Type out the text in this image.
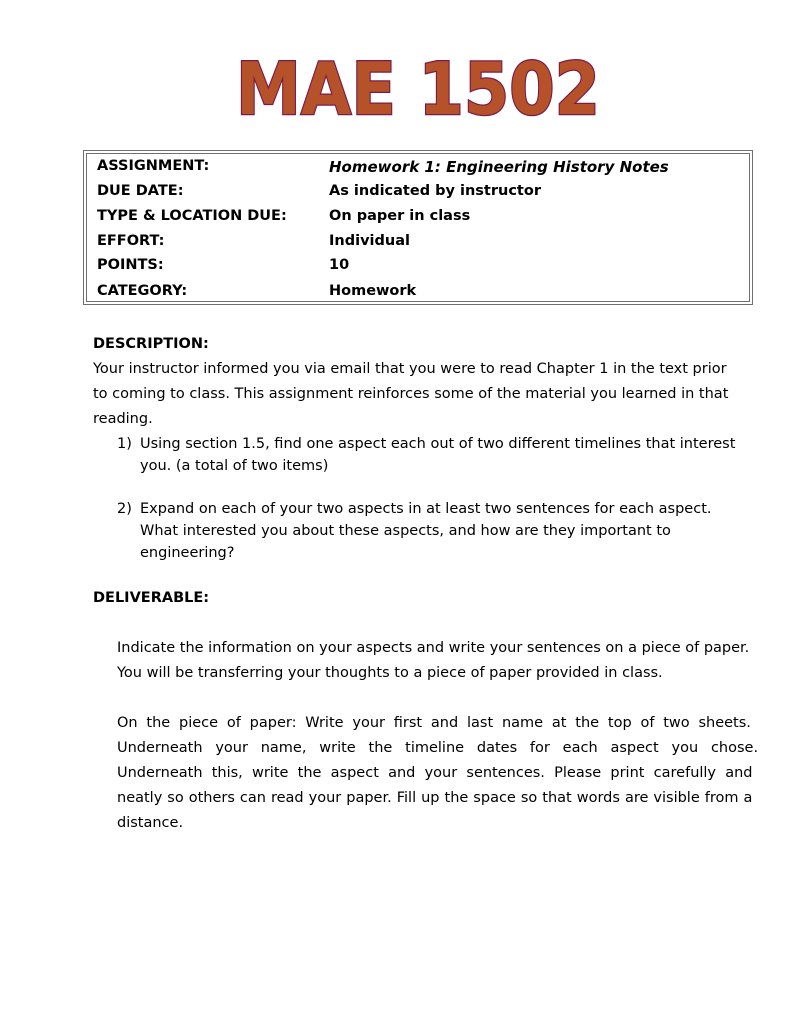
MAE 1502
ASSIGNMENT:	Homework 1: Engineering History Notes
DUE DATE:	As indicated by instructor
TYPE & LOCATION DUE:	On paper in class
EFFORT:	Individual
POINTS:	10
CATEGORY:	Homework
DESCRIPTION:
Your instructor informed you via email that you were to read Chapter 1 in the text prior
to coming to class. This assignment reinforces some of the material you learned in that
reading.
1) Using section 1.5, find one aspect each out of two different timelines that interest
you. (a total of two items)
2) Expand on each of your two aspects in at least two sentences for each aspect.
What interested you about these aspects, and how are they important to
engineering?
DELIVERABLE:
Indicate the information on your aspects and write your sentences on a piece of paper.
You will be transferring your thoughts to a piece of paper provided in class.
On the piece of paper: Write your first and last name at the top of two sheets.
Underneath your name, write the timeline dates for each aspect you chose.
Underneath this, write the aspect and your sentences. Please print carefully and
neatly so others can read your paper. Fill up the space so that words are visible from a
distance.
